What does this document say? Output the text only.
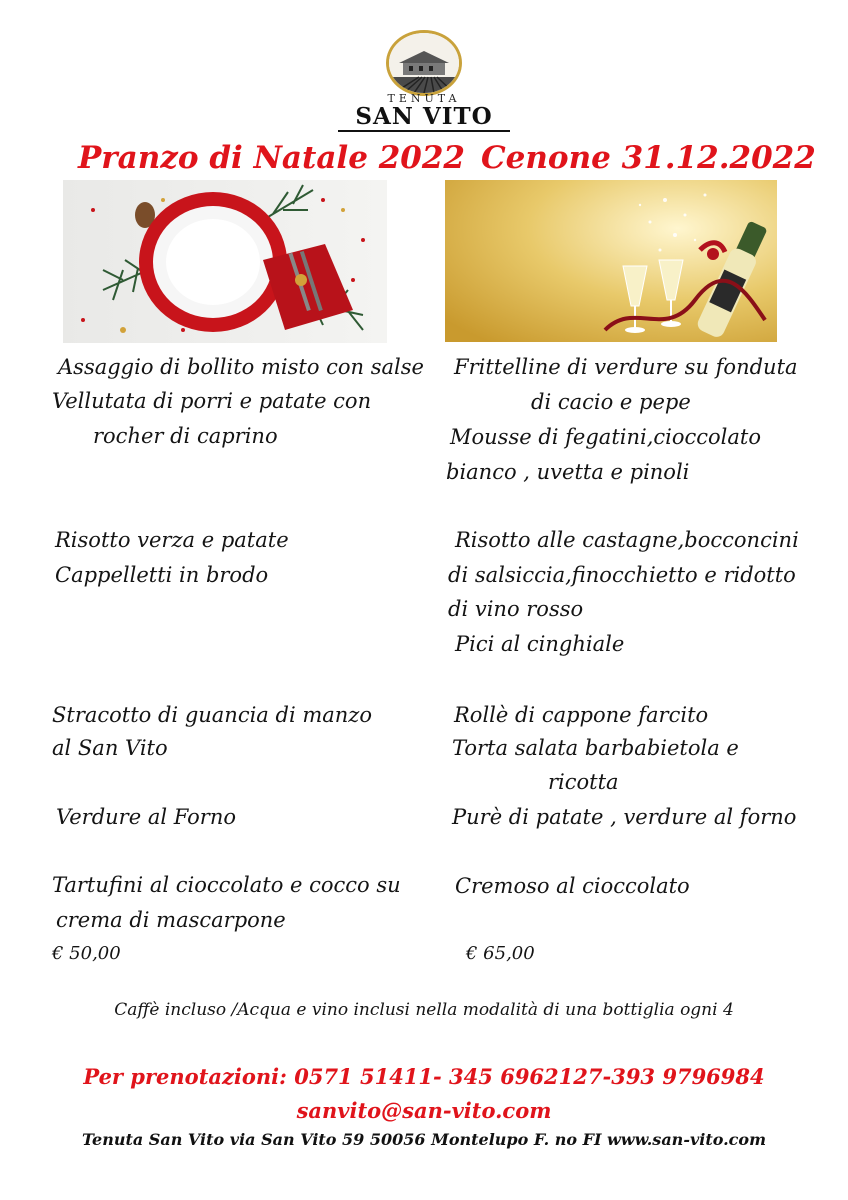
TENUTA
SAN VITO
Pranzo di Natale 2022 Cenone 31.12.2022
Assaggio di bollito misto con salse
Vellutata di porri e patate con
rocher di caprino
Risotto verza e patate
Cappelletti in brodo
Stracotto di guancia di manzo
al San Vito
Verdure al Forno
Tartufini al cioccolato e cocco su
crema di mascarpone
€ 50,00
Frittelline di verdure su fonduta
di cacio e pepe
Mousse di fegatini,cioccolato
bianco , uvetta e pinoli
Risotto alle castagne,bocconcini
di salsiccia,finocchietto e ridotto
di vino rosso
Pici al cinghiale
Rollè di cappone farcito
Torta salata barbabietola e
ricotta
Purè di patate , verdure al forno
Cremoso al cioccolato
€ 65,00
Caffè incluso /Acqua e vino inclusi nella modalità di una bottiglia ogni 4
Per prenotazioni: 0571 51411- 345 6962127-393 9796984
sanvito@san-vito.com
Tenuta San Vito via San Vito 59 50056 Montelupo F. no FI www.san-vito.com
